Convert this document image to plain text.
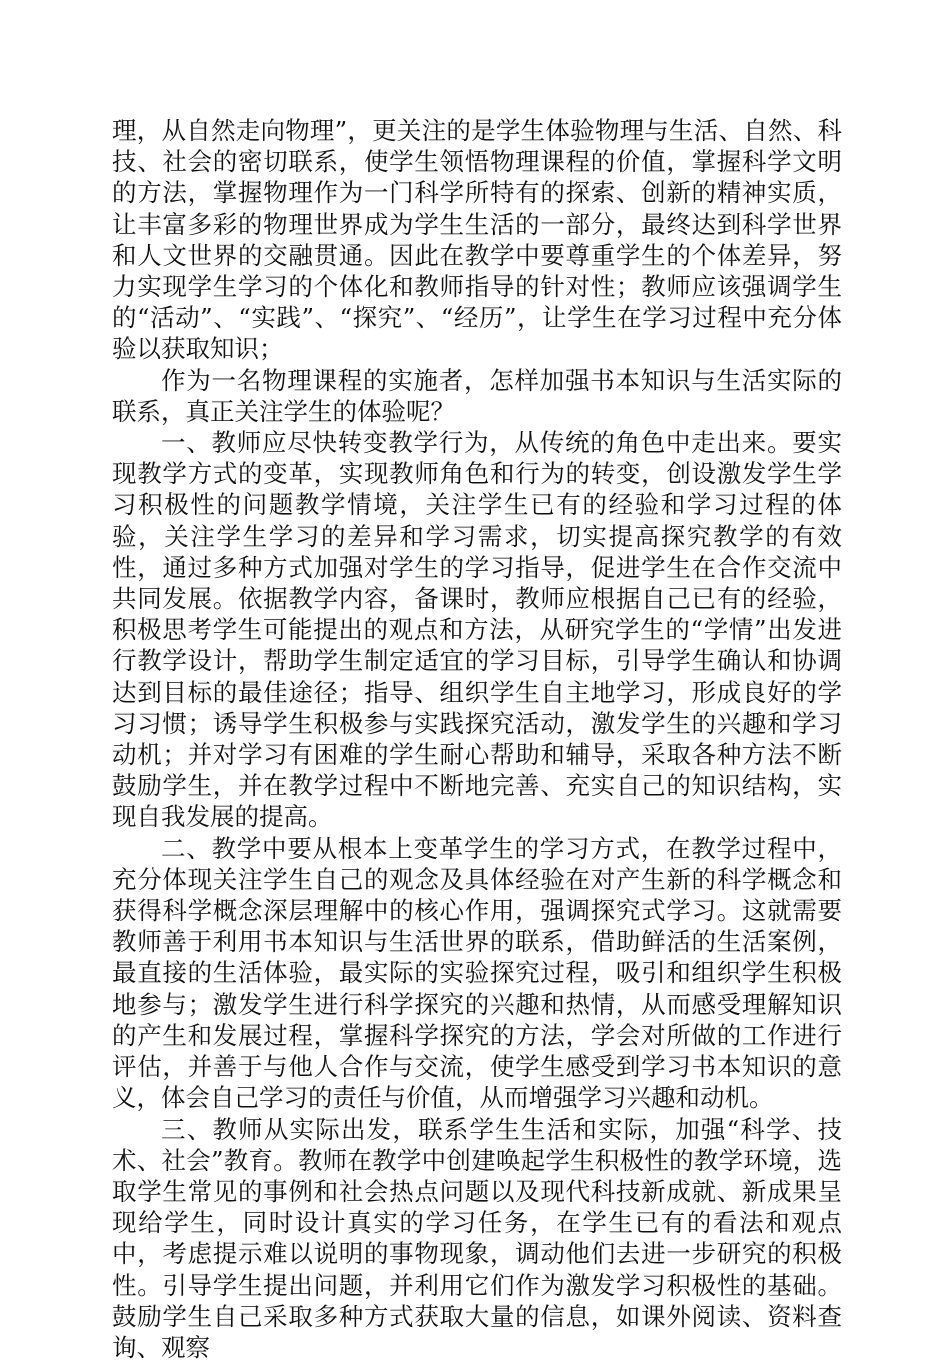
理，从自然走向物理”，更关注的是学生体验物理与生活、自然、科技、社会的密切联系，使学生领悟物理课程的价值，掌握科学文明的方法，掌握物理作为一门科学所特有的探索、创新的精神实质，让丰富多彩的物理世界成为学生生活的一部分，最终达到科学世界和人文世界的交融贯通。因此在教学中要尊重学生的个体差异，努力实现学生学习的个体化和教师指导的针对性；教师应该强调学生的“活动”、“实践”、“探究”、“经历”，让学生在学习过程中充分体验以获取知识；

作为一名物理课程的实施者，怎样加强书本知识与生活实际的联系，真正关注学生的体验呢？

一、教师应尽快转变教学行为，从传统的角色中走出来。要实现教学方式的变革，实现教师角色和行为的转变，创设激发学生学习积极性的问题教学情境，关注学生已有的经验和学习过程的体验，关注学生学习的差异和学习需求，切实提高探究教学的有效性，通过多种方式加强对学生的学习指导，促进学生在合作交流中共同发展。依据教学内容，备课时，教师应根据自己已有的经验，积极思考学生可能提出的观点和方法，从研究学生的“学情”出发进行教学设计，帮助学生制定适宜的学习目标，引导学生确认和协调达到目标的最佳途径；指导、组织学生自主地学习，形成良好的学习习惯；诱导学生积极参与实践探究活动，激发学生的兴趣和学习动机；并对学习有困难的学生耐心帮助和辅导，采取各种方法不断鼓励学生，并在教学过程中不断地完善、充实自己的知识结构，实现自我发展的提高。

二、教学中要从根本上变革学生的学习方式，在教学过程中，充分体现关注学生自己的观念及具体经验在对产生新的科学概念和获得科学概念深层理解中的核心作用，强调探究式学习。这就需要教师善于利用书本知识与生活世界的联系，借助鲜活的生活案例，最直接的生活体验，最实际的实验探究过程，吸引和组织学生积极地参与；激发学生进行科学探究的兴趣和热情，从而感受理解知识的产生和发展过程，掌握科学探究的方法，学会对所做的工作进行评估，并善于与他人合作与交流，使学生感受到学习书本知识的意义，体会自己学习的责任与价值，从而增强学习兴趣和动机。

三、教师从实际出发，联系学生生活和实际，加强“科学、技术、社会”教育。教师在教学中创建唤起学生积极性的教学环境，选取学生常见的事例和社会热点问题以及现代科技新成就、新成果呈现给学生，同时设计真实的学习任务，在学生已有的看法和观点中，考虑提示难以说明的事物现象，调动他们去进一步研究的积极性。引导学生提出问题，并利用它们作为激发学习积极性的基础。鼓励学生自己采取多种方式获取大量的信息，如课外阅读、资料查询、观察
